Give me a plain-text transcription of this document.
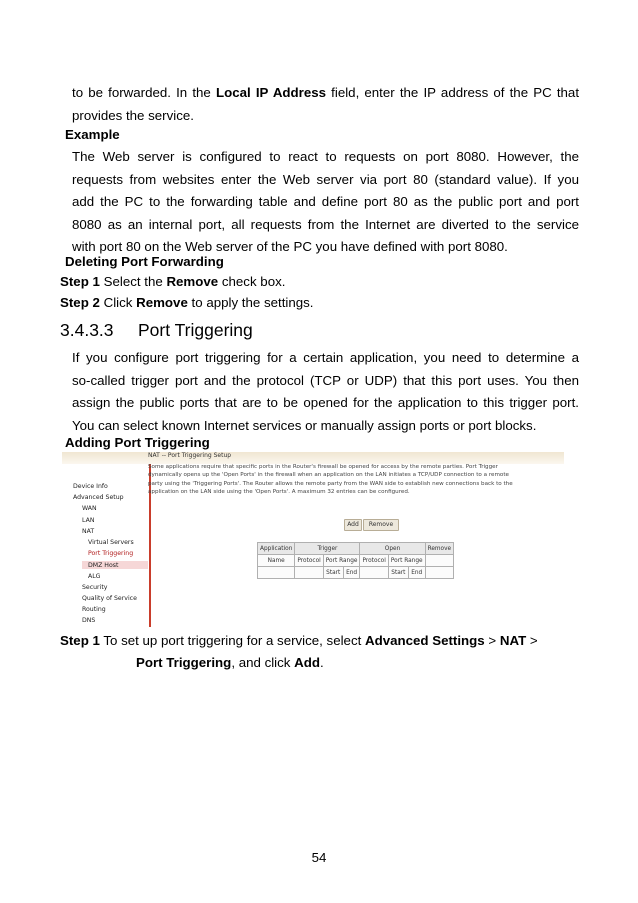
to be forwarded. In the Local IP Address field, enter the IP address of the PC that
provides the service.
Example
The Web server is configured to react to requests on port 8080. However, the
requests from websites enter the Web server via port 80 (standard value). If you
add the PC to the forwarding table and define port 80 as the public port and port
8080 as an internal port, all requests from the Internet are diverted to the service
with port 80 on the Web server of the PC you have defined with port 8080.
Deleting Port Forwarding
Step 1 Select the Remove check box.
Step 2 Click Remove to apply the settings.
3.4.3.3 Port Triggering
If you configure port triggering for a certain application, you need to determine a
so-called trigger port and the protocol (TCP or UDP) that this port uses. You then
assign the public ports that are to be opened for the application to this trigger port.
You can select known Internet services or manually assign ports or port blocks.
Adding Port Triggering
NAT -- Port Triggering Setup
Device Info
Advanced Setup
WAN
LAN
NAT
Virtual Servers
Port Triggering
DMZ Host
ALG
Security
Quality of Service
Routing
DNS
Some applications require that specific ports in the Router's firewall be opened for access by the remote parties. Port Trigger
dynamically opens up the 'Open Ports' in the firewall when an application on the LAN initiates a TCP/UDP connection to a remote
party using the 'Triggering Ports'. The Router allows the remote party from the WAN side to establish new connections back to the
application on the LAN side using the 'Open Ports'. A maximum 32 entries can be configured.
Add	Remove
Application	Trigger			Open			Remove
Name	Protocol	Port Range		Protocol	Port Range		
		Start	End		Start	End	
Step 1 To set up port triggering for a service, select Advanced Settings > NAT >
Port Triggering, and click Add.
54
